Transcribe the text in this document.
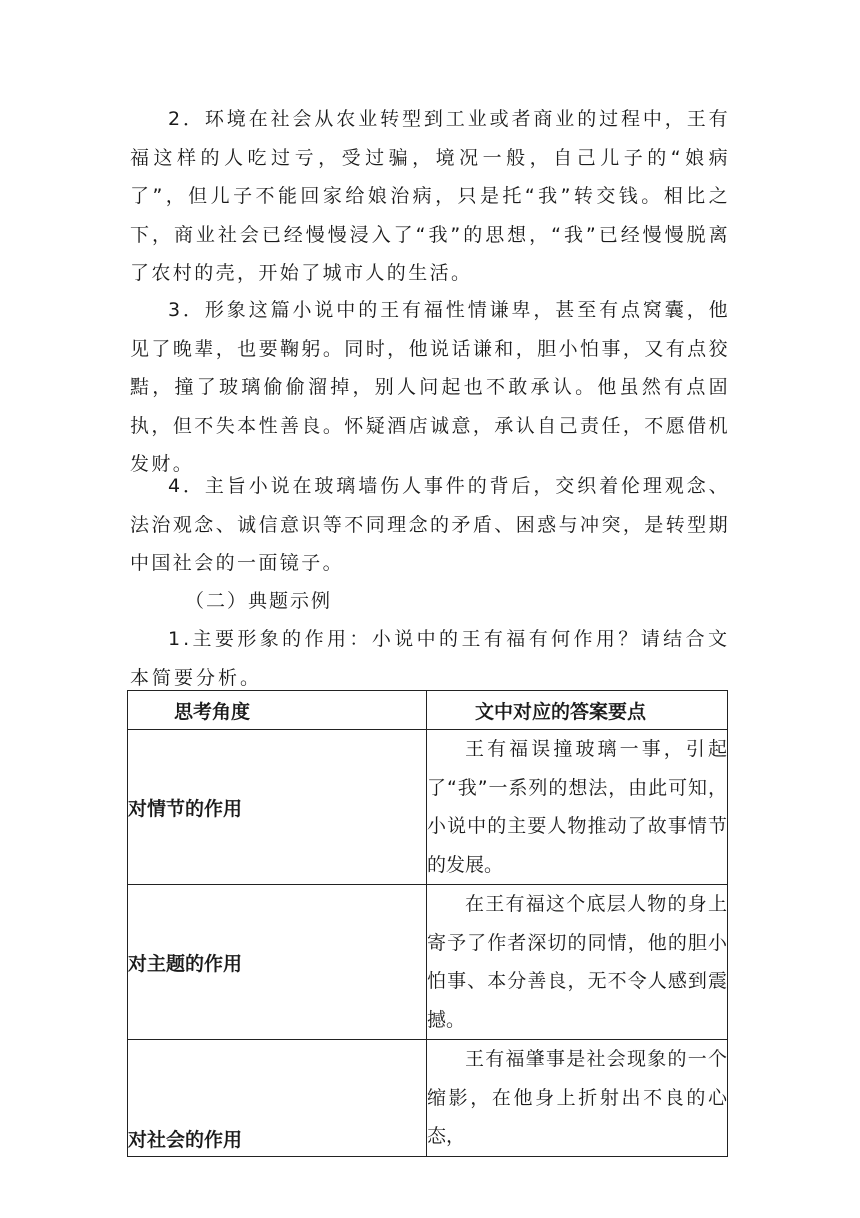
2．环境在社会从农业转型到工业或者商业的过程中，王有福这样的人吃过亏，受过骗，境况一般，自己儿子的“娘病了”，但儿子不能回家给娘治病，只是托“我”转交钱。相比之下，商业社会已经慢慢浸入了“我”的思想，“我”已经慢慢脱离了农村的壳，开始了城市人的生活。

3．形象这篇小说中的王有福性情谦卑，甚至有点窝囊，他见了晚辈，也要鞠躬。同时，他说话谦和，胆小怕事，又有点狡黠，撞了玻璃偷偷溜掉，别人问起也不敢承认。他虽然有点固执，但不失本性善良。怀疑酒店诚意，承认自己责任，不愿借机发财。

4．主旨小说在玻璃墙伤人事件的背后，交织着伦理观念、法治观念、诚信意识等不同理念的矛盾、困惑与冲突，是转型期中国社会的一面镜子。

（二）典题示例

1.主要形象的作用：小说中的王有福有何作用？请结合文本简要分析。

思考角度	文中对应的答案要点
对情节的作用	王有福误撞玻璃一事，引起了“我”一系列的想法，由此可知，小说中的主要人物推动了故事情节的发展。
对主题的作用	在王有福这个底层人物的身上寄予了作者深切的同情，他的胆小怕事、本分善良，无不令人感到震撼。
对社会的作用	王有福肇事是社会现象的一个缩影，在他身上折射出不良的心态，
